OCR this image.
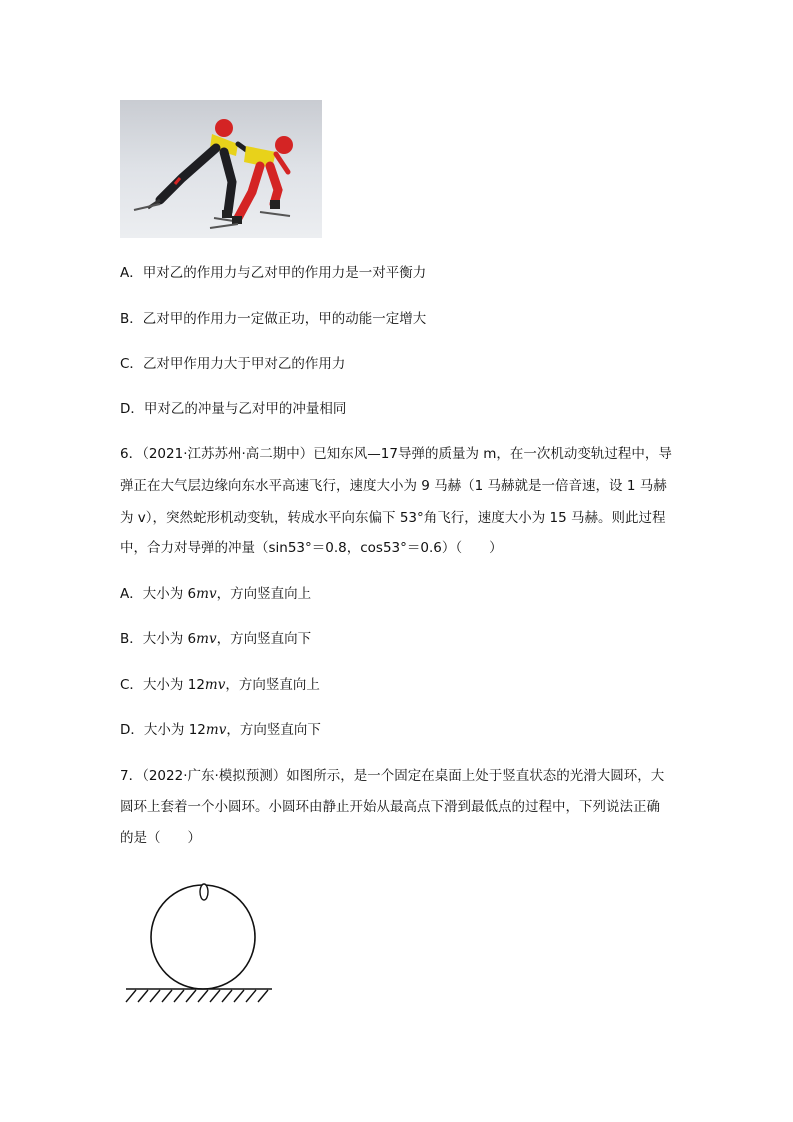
A．甲对乙的作用力与乙对甲的作用力是一对平衡力
B．乙对甲的作用力一定做正功，甲的动能一定增大
C．乙对甲作用力大于甲对乙的作用力
D．甲对乙的冲量与乙对甲的冲量相同
6．（2021·江苏苏州·高二期中）已知东风—17导弹的质量为 m，在一次机动变轨过程中，导
弹正在大气层边缘向东水平高速飞行，速度大小为 9 马赫（1 马赫就是一倍音速，设 1 马赫
为 v），突然蛇形机动变轨，转成水平向东偏下 53°角飞行，速度大小为 15 马赫。则此过程
中，合力对导弹的冲量（sin53°＝0.8，cos53°＝0.6）（　　）
A．大小为 6mv，方向竖直向上
B．大小为 6mv，方向竖直向下
C．大小为 12mv，方向竖直向上
D．大小为 12mv，方向竖直向下
7．（2022·广东·模拟预测）如图所示，是一个固定在桌面上处于竖直状态的光滑大圆环，大
圆环上套着一个小圆环。小圆环由静止开始从最高点下滑到最低点的过程中，下列说法正确
的是（　　）
